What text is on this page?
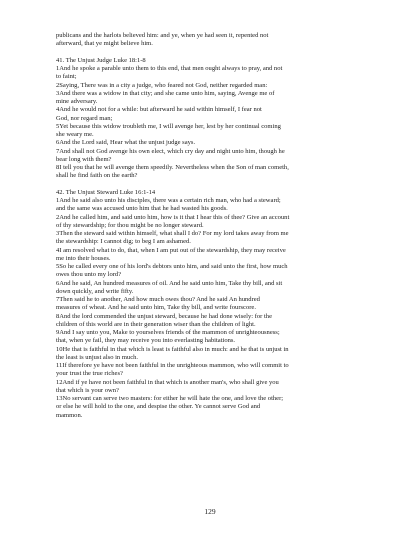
publicans and the harlots believed him: and ye, when ye had seen it, repented not
afterward, that ye might believe him.
41. The Unjust Judge Luke 18:1-8
1And he spoke a parable unto them to this end, that men ought always to pray, and not
to faint;
2Saying, There was in a city a judge, who feared not God, neither regarded man:
3And there was a widow in that city; and she came unto him, saying, Avenge me of
mine adversary.
4And he would not for a while: but afterward he said within himself, I fear not
God, nor regard man;
5Yet because this widow troubleth me, I will avenge her, lest by her continual coming
she weary me.
6And the Lord said, Hear what the unjust judge says.
7And shall not God avenge his own elect, which cry day and night unto him, though he
bear long with them?
8I tell you that he will avenge them speedily. Nevertheless when the Son of man cometh,
shall he find faith on the earth?
42. The Unjust Steward Luke 16:1-14
1And he said also unto his disciples, there was a certain rich man, who had a steward;
and the same was accused unto him that he had wasted his goods.
2And he called him, and said unto him, how is it that I hear this of thee? Give an account
of thy stewardship; for thou might be no longer steward.
3Then the steward said within himself, what shall I do? For my lord takes away from me
the stewardship: I cannot dig; to beg I am ashamed.
4I am resolved what to do, that, when I am put out of the stewardship, they may receive
me into their houses.
5So he called every one of his lord's debtors unto him, and said unto the first, how much
owes thou unto my lord?
6And he said, An hundred measures of oil. And he said unto him, Take thy bill, and sit
down quickly, and write fifty.
7Then said he to another, And how much owes thou? And he said An hundred
measures of wheat. And he said unto him, Take thy bill, and write fourscore.
8And the lord commended the unjust steward, because he had done wisely: for the
children of this world are in their generation wiser than the children of light.
9And I say unto you, Make to yourselves friends of the mammon of unrighteousness;
that, when ye fail, they may receive you into everlasting habitations.
10He that is faithful in that which is least is faithful also in much: and he that is unjust in
the least is unjust also in much.
11If therefore ye have not been faithful in the unrighteous mammon, who will commit to
your trust the true riches?
12And if ye have not been faithful in that which is another man's, who shall give you
that which is your own?
13No servant can serve two masters: for either he will hate the one, and love the other;
or else he will hold to the one, and despise the other. Ye cannot serve God and
mammon.
129
